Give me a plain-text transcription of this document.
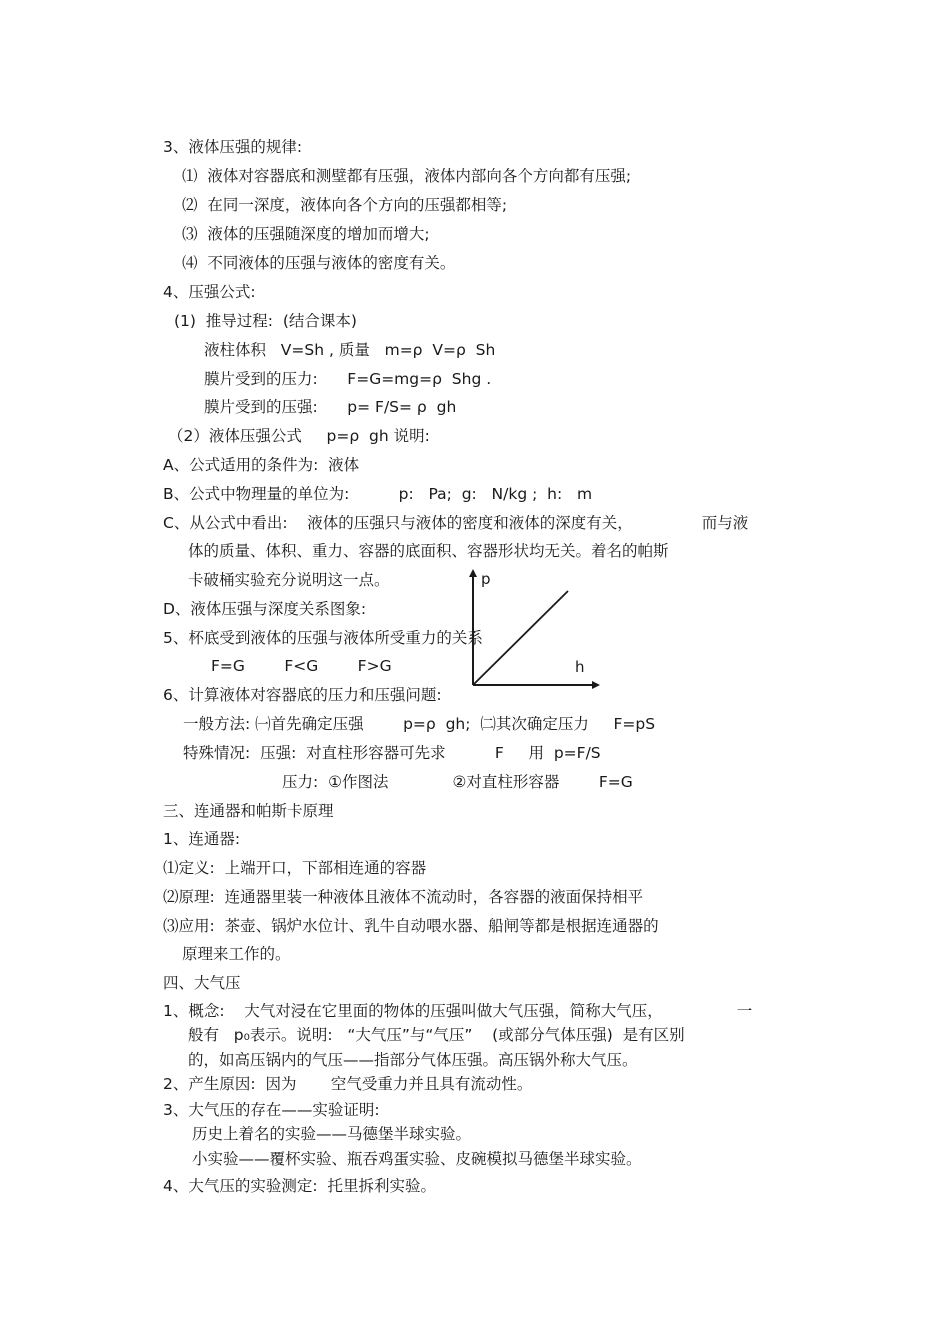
3、液体压强的规律:
⑴  液体对容器底和测壁都有压强，液体内部向各个方向都有压强;
⑵  在同一深度，液体向各个方向的压强都相等;
⑶  液体的压强随深度的增加而增大;
⑷  不同液体的压强与液体的密度有关。
4、压强公式:
(1)  推导过程:  (结合课本)
液柱体积   V=Sh , 质量   m=ρ  V=ρ  Sh
膜片受到的压力:      F=G=mg=ρ  Shg .
膜片受到的压强:      p= F/S= ρ  gh
（2）液体压强公式     p=ρ  gh 说明:
A、公式适用的条件为:  液体
B、公式中物理量的单位为:          p:   Pa;  g:   N/kg ;  h:   m
C、从公式中看出:    液体的压强只与液体的密度和液体的深度有关，              而与液
体的质量、体积、重力、容器的底面积、容器形状均无关。着名的帕斯
卡破桶实验充分说明这一点。
D、液体压强与深度关系图象:
5、杯底受到液体的压强与液体所受重力的关系
F=G        F<G        F>G
6、计算液体对容器底的压力和压强问题:
一般方法: ㈠首先确定压强        p=ρ  gh;  ㈡其次确定压力     F=pS
特殊情况:  压强:  对直柱形容器可先求          F     用  p=F/S
压力:  ①作图法             ②对直柱形容器        F=G
三、连通器和帕斯卡原理
1、连通器:
⑴定义:  上端开口，下部相连通的容器
⑵原理:  连通器里装一种液体且液体不流动时，各容器的液面保持相平
⑶应用:  茶壶、锅炉水位计、乳牛自动喂水器、船闸等都是根据连通器的
原理来工作的。
四、大气压
1、概念:    大气对浸在它里面的物体的压强叫做大气压强，简称大气压，               一
般有   p₀表示。说明:   “大气压”与“气压”    (或部分气体压强)  是有区别
的，如高压锅内的气压——指部分气体压强。高压锅外称大气压。
2、产生原因:  因为       空气受重力并且具有流动性。
3、大气压的存在——实验证明:
历史上着名的实验——马德堡半球实验。
小实验——覆杯实验、瓶吞鸡蛋实验、皮碗模拟马德堡半球实验。
4、大气压的实验测定:  托里拆利实验。
p
h
